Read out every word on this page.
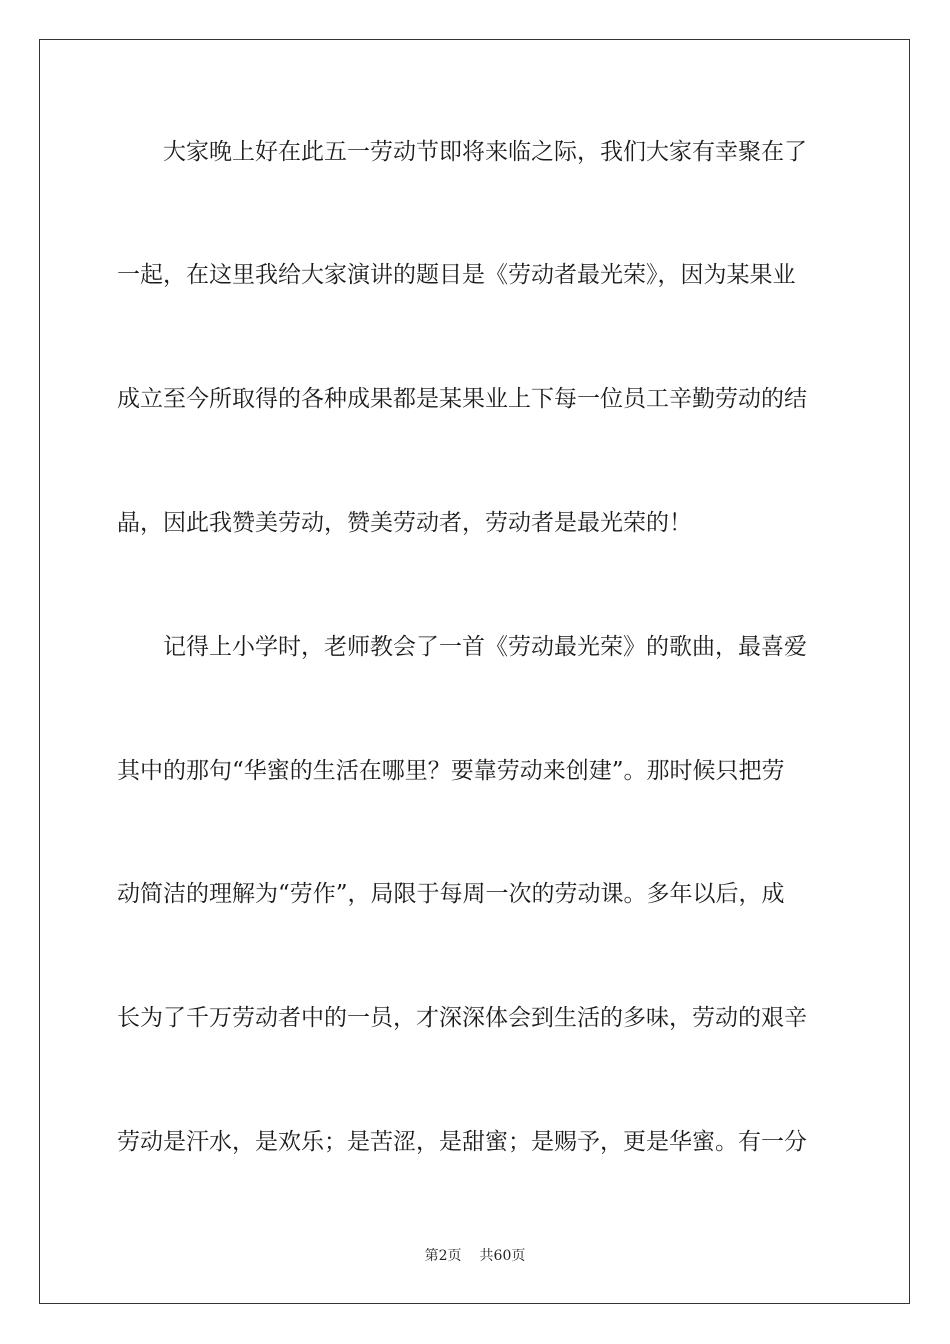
大家晚上好在此五一劳动节即将来临之际，我们大家有幸聚在了
一起，在这里我给大家演讲的题目是《劳动者最光荣》，因为某果业
成立至今所取得的各种成果都是某果业上下每一位员工辛勤劳动的结
晶，因此我赞美劳动，赞美劳动者，劳动者是最光荣的！
记得上小学时，老师教会了一首《劳动最光荣》的歌曲，最喜爱
其中的那句“华蜜的生活在哪里？要靠劳动来创建”。那时候只把劳
动简洁的理解为“劳作”，局限于每周一次的劳动课。多年以后，成
长为了千万劳动者中的一员，才深深体会到生活的多味，劳动的艰辛
劳动是汗水，是欢乐；是苦涩，是甜蜜；是赐予，更是华蜜。有一分
第2页 共60页
